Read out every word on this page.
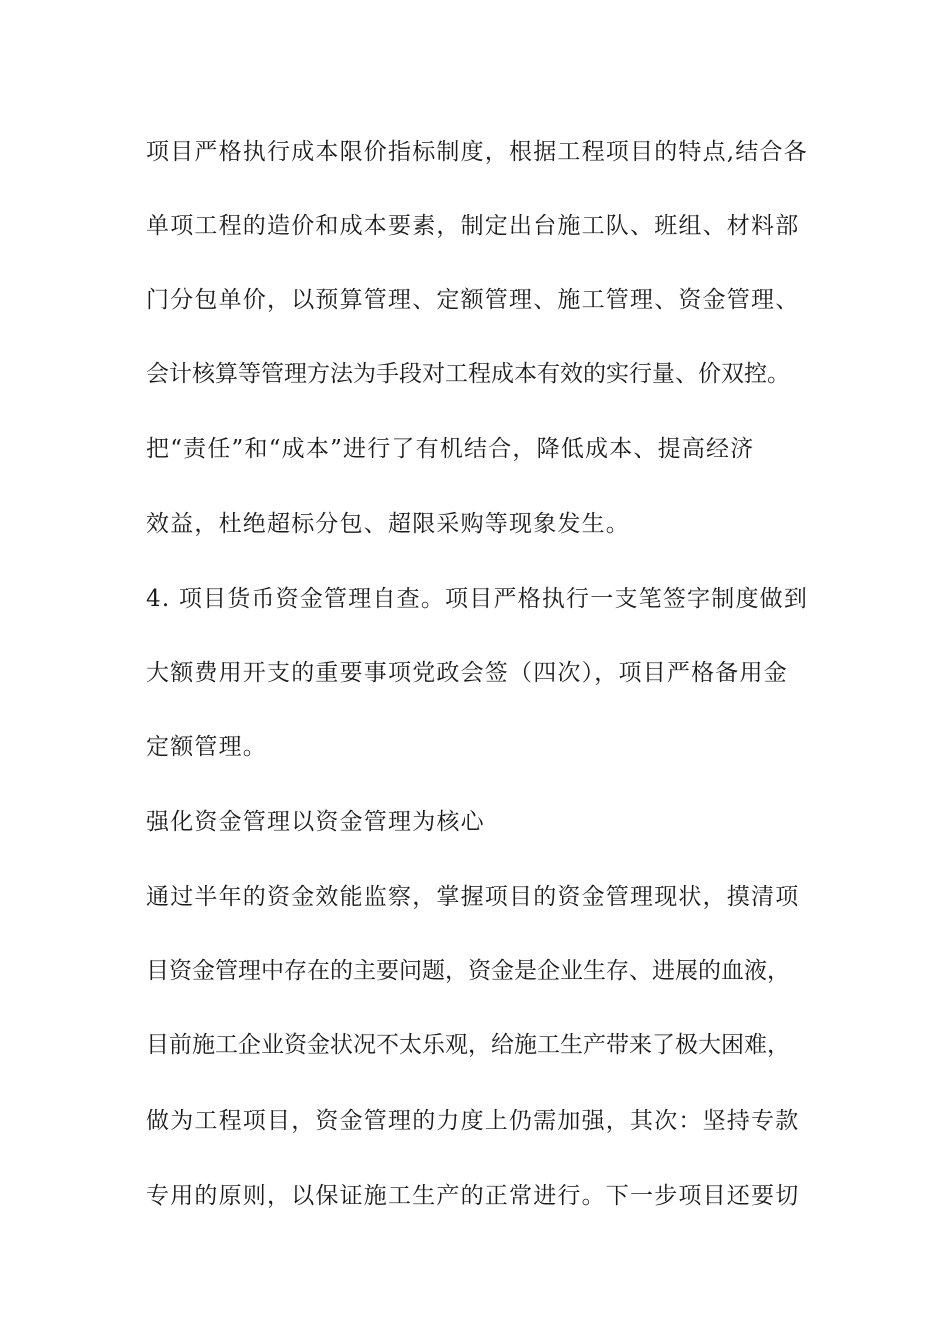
项目严格执行成本限价指标制度，根据工程项目的特点,结合各
单项工程的造价和成本要素，制定出台施工队、班组、材料部
门分包单价，以预算管理、定额管理、施工管理、资金管理、
会计核算等管理方法为手段对工程成本有效的实行量、价双控。
把“责任”和“成本”进行了有机结合，降低成本、提高经济
效益，杜绝超标分包、超限采购等现象发生。
4. 项目货币资金管理自查。项目严格执行一支笔签字制度做到
大额费用开支的重要事项党政会签（四次），项目严格备用金
定额管理。
强化资金管理以资金管理为核心
通过半年的资金效能监察，掌握项目的资金管理现状，摸清项
目资金管理中存在的主要问题，资金是企业生存、进展的血液，
目前施工企业资金状况不太乐观，给施工生产带来了极大困难，
做为工程项目，资金管理的力度上仍需加强，其次：坚持专款
专用的原则，以保证施工生产的正常进行。下一步项目还要切
